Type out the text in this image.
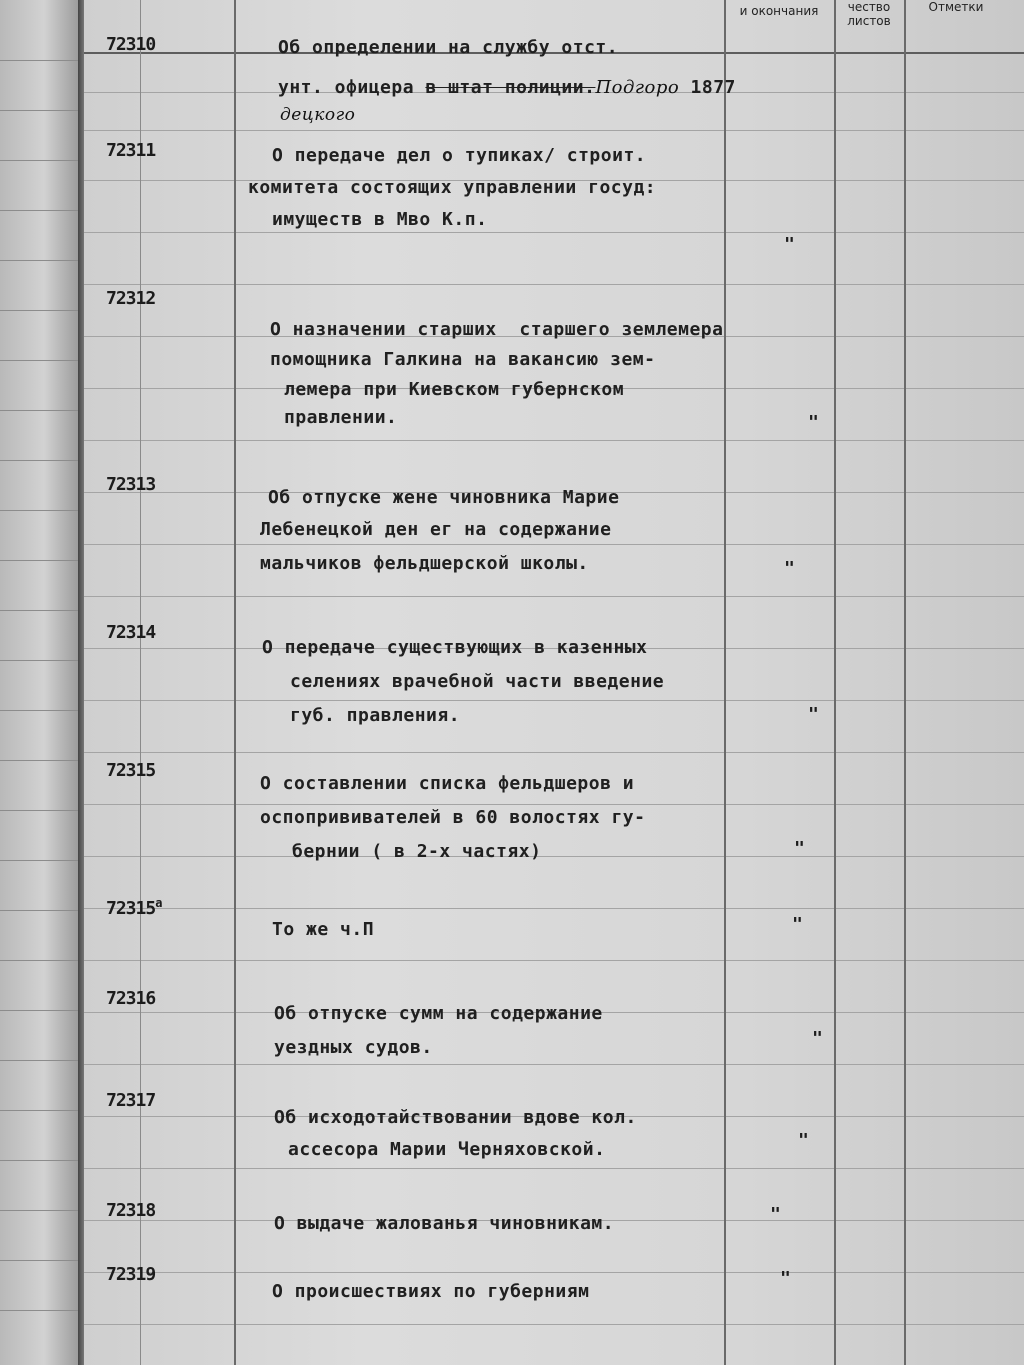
и окончания	чество листов
Отметки
72310	Об определении на службу отст.
унт. офицера в штат полиции.Подгоро 1877
децкого
72311	О передаче дел о тупиках/ строит.
комитета состоящих управлении госуд:
имуществ в Мво К.п.
"
72312
О назначении старших  старшего землемера
помощника Галкина на вакансию зем-
лемера при Киевском губернском
правлении.	"
72313
Об отпуске жене чиновника Марие
Лебенецкой ден ег на содержание
мальчиков фельдшерской школы.	"
72314
О передаче существующих в казенных
селениях врачебной части введение
губ. правления.	"
72315
О составлении списка фельдшеров и
оспопрививателей в 60 волостях гу-
бернии ( в 2-х частях)	"
$72315^а$
То же ч.П	"
72316
Об отпуске сумм на содержание
уездных судов.	"
72317
Об исходотайствовании вдове кол.
ассесора Марии Черняховской.	"
72318
О выдаче жалованья чиновникам.	"
72319
О происшествиях по губерниям
"
